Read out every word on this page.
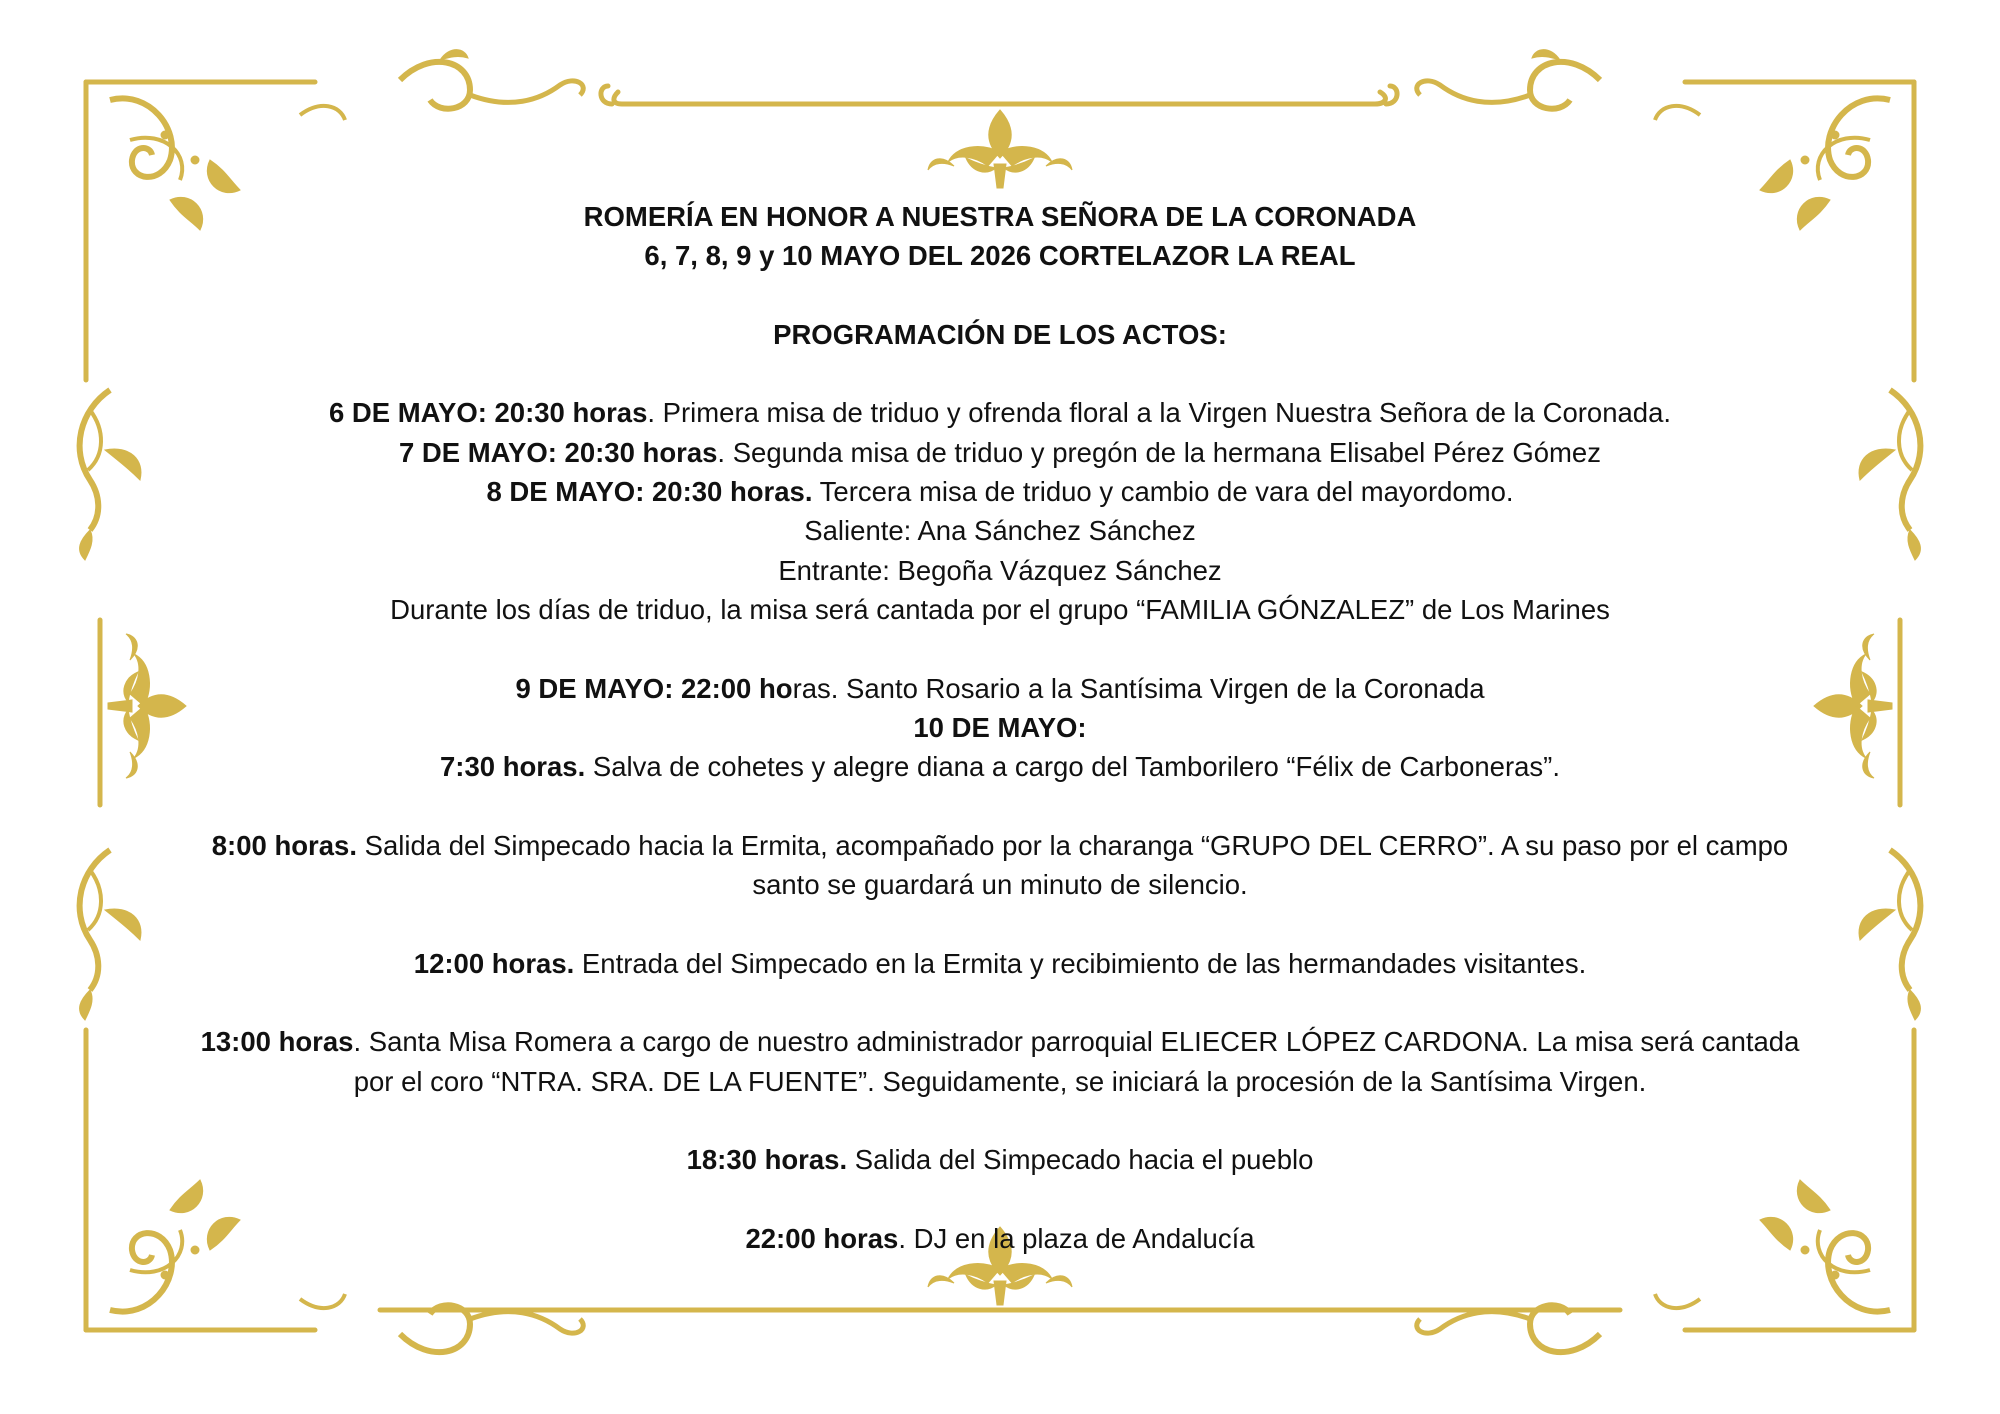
ROMERÍA EN HONOR A NUESTRA SEÑORA DE LA CORONADA

6, 7, 8, 9 y 10 MAYO DEL 2026 CORTELAZOR LA REAL

PROGRAMACIÓN DE LOS ACTOS:

6 DE MAYO: 20:30 horas. Primera misa de triduo y ofrenda floral a la Virgen Nuestra Señora de la Coronada.

7 DE MAYO: 20:30 horas. Segunda misa de triduo y pregón de la hermana Elisabel Pérez Gómez

8 DE MAYO: 20:30 horas. Tercera misa de triduo y cambio de vara del mayordomo.

Saliente: Ana Sánchez Sánchez

Entrante: Begoña Vázquez Sánchez

Durante los días de triduo, la misa será cantada por el grupo “FAMILIA GÓNZALEZ” de Los Marines

9 DE MAYO: 22:00 horas. Santo Rosario a la Santísima Virgen de la Coronada

10 DE MAYO:

7:30 horas. Salva de cohetes y alegre diana a cargo del Tamborilero “Félix de Carboneras”.

8:00 horas. Salida del Simpecado hacia la Ermita, acompañado por la charanga “GRUPO DEL CERRO”. A su paso por el campo

santo se guardará un minuto de silencio.

12:00 horas. Entrada del Simpecado en la Ermita y recibimiento de las hermandades visitantes.

13:00 horas. Santa Misa Romera a cargo de nuestro administrador parroquial ELIECER LÓPEZ CARDONA. La misa será cantada

por el coro “NTRA. SRA. DE LA FUENTE”. Seguidamente, se iniciará la procesión de la Santísima Virgen.

18:30 horas. Salida del Simpecado hacia el pueblo

22:00 horas. DJ en la plaza de Andalucía
